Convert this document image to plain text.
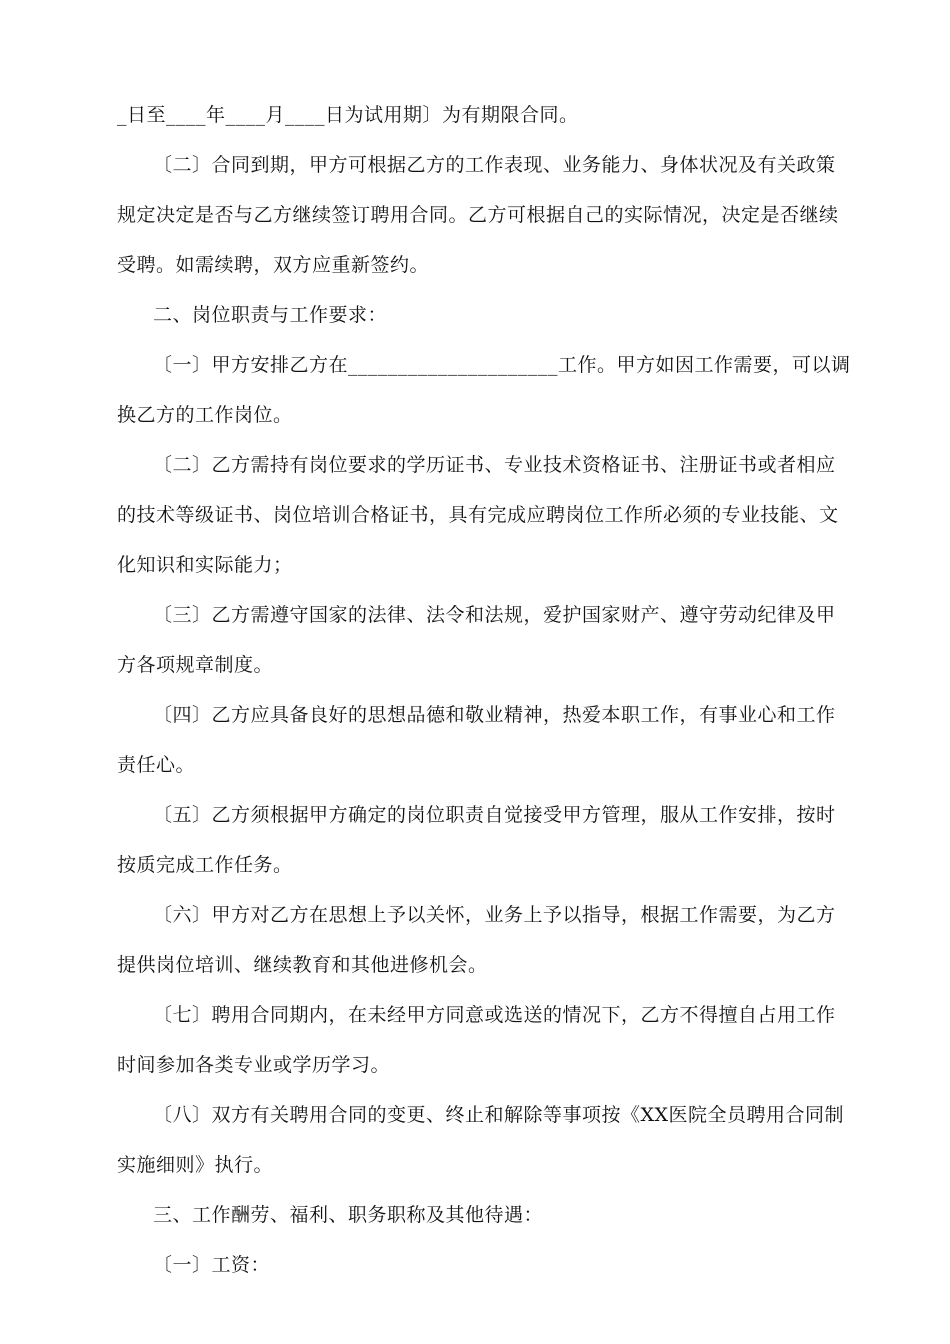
_日至____年____月____日为试用期〕为有期限合同。
〔二〕合同到期，甲方可根据乙方的工作表现、业务能力、身体状况及有关政策
规定决定是否与乙方继续签订聘用合同。乙方可根据自己的实际情况，决定是否继续
受聘。如需续聘，双方应重新签约。
二、岗位职责与工作要求：
〔一〕甲方安排乙方在_____________________工作。甲方如因工作需要，可以调
换乙方的工作岗位。
〔二〕乙方需持有岗位要求的学历证书、专业技术资格证书、注册证书或者相应
的技术等级证书、岗位培训合格证书，具有完成应聘岗位工作所必须的专业技能、文
化知识和实际能力；
〔三〕乙方需遵守国家的法律、法令和法规，爱护国家财产、遵守劳动纪律及甲
方各项规章制度。
〔四〕乙方应具备良好的思想品德和敬业精神，热爱本职工作，有事业心和工作
责任心。
〔五〕乙方须根据甲方确定的岗位职责自觉接受甲方管理，服从工作安排，按时
按质完成工作任务。
〔六〕甲方对乙方在思想上予以关怀，业务上予以指导，根据工作需要，为乙方
提供岗位培训、继续教育和其他进修机会。
〔七〕聘用合同期内，在未经甲方同意或选送的情况下，乙方不得擅自占用工作
时间参加各类专业或学历学习。
〔八〕双方有关聘用合同的变更、终止和解除等事项按《XX医院全员聘用合同制
实施细则》执行。
三、工作酬劳、福利、职务职称及其他待遇：
〔一〕工资：
